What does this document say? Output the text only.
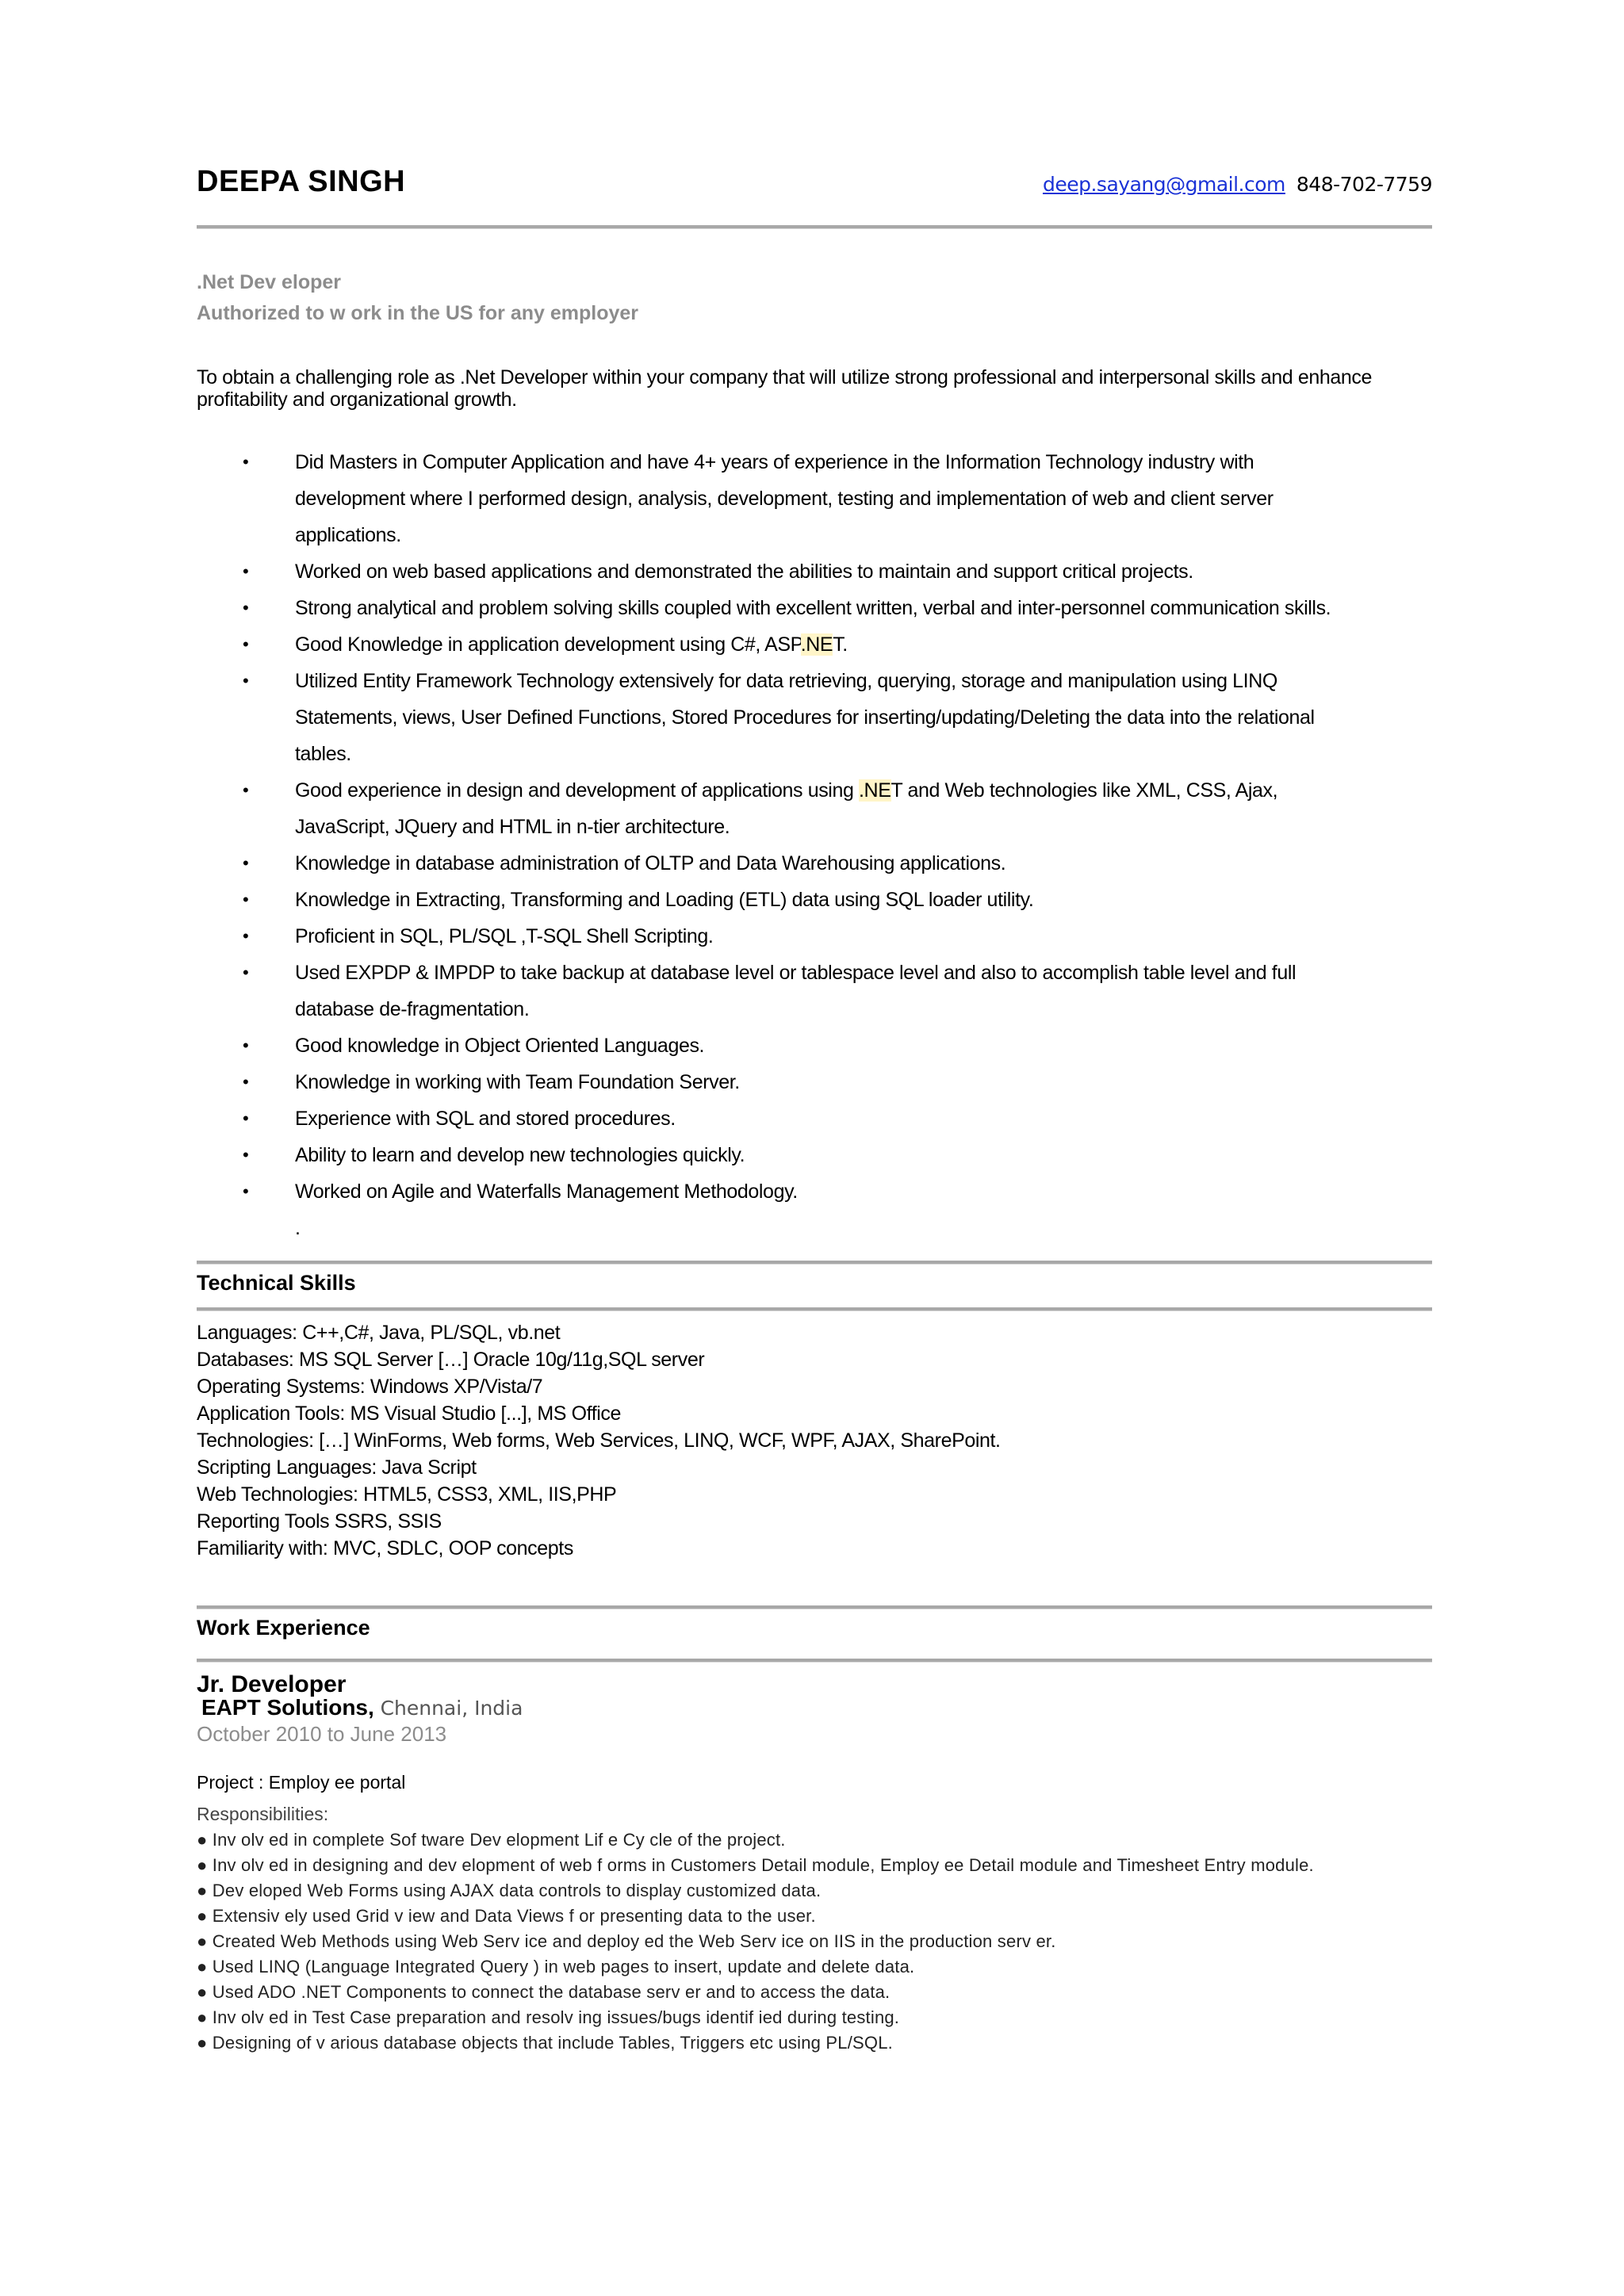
DEEPA SINGH	deep.sayang@gmail.com 848-702-7759
.Net Dev eloper
Authorized to w ork in the US for any employer
To obtain a challenging role as .Net Developer within your company that will utilize strong professional and interpersonal skills and enhance profitability and organizational growth.
• Did Masters in Computer Application and have 4+ years of experience in the Information Technology industry with
development where I performed design, analysis, development, testing and implementation of web and client server
applications.
• Worked on web based applications and demonstrated the abilities to maintain and support critical projects.
• Strong analytical and problem solving skills coupled with excellent written, verbal and inter-personnel communication skills.
• Good Knowledge in application development using C#, ASP.NET.
• Utilized Entity Framework Technology extensively for data retrieving, querying, storage and manipulation using LINQ
Statements, views, User Defined Functions, Stored Procedures for inserting/updating/Deleting the data into the relational
tables.
• Good experience in design and development of applications using .NET and Web technologies like XML, CSS, Ajax,
JavaScript, JQuery and HTML in n-tier architecture.
• Knowledge in database administration of OLTP and Data Warehousing applications.
• Knowledge in Extracting, Transforming and Loading (ETL) data using SQL loader utility.
• Proficient in SQL, PL/SQL ,T-SQL Shell Scripting.
• Used EXPDP & IMPDP to take backup at database level or tablespace level and also to accomplish table level and full
database de-fragmentation.
• Good knowledge in Object Oriented Languages.
• Knowledge in working with Team Foundation Server.
• Experience with SQL and stored procedures.
• Ability to learn and develop new technologies quickly.
• Worked on Agile and Waterfalls Management Methodology.
.
Technical Skills
Languages: C++,C#, Java, PL/SQL, vb.net
Databases: MS SQL Server […] Oracle 10g/11g,SQL server
Operating Systems: Windows XP/Vista/7
Application Tools: MS Visual Studio [...], MS Office
Technologies: […] WinForms, Web forms, Web Services, LINQ, WCF, WPF, AJAX, SharePoint.
Scripting Languages: Java Script
Web Technologies: HTML5, CSS3, XML, IIS,PHP
Reporting Tools SSRS, SSIS
Familiarity with: MVC, SDLC, OOP concepts
Work Experience
Jr. Developer
EAPT Solutions, Chennai, India
October 2010 to June 2013
Project : Employ ee portal
Responsibilities:
● Inv olv ed in complete Sof tware Dev elopment Lif e Cy cle of the project.
● Inv olv ed in designing and dev elopment of web f orms in Customers Detail module, Employ ee Detail module and Timesheet Entry module.
● Dev eloped Web Forms using AJAX data controls to display customized data.
● Extensiv ely used Grid v iew and Data Views f or presenting data to the user.
● Created Web Methods using Web Serv ice and deploy ed the Web Serv ice on IIS in the production serv er.
● Used LINQ (Language Integrated Query ) in web pages to insert, update and delete data.
● Used ADO .NET Components to connect the database serv er and to access the data.
● Inv olv ed in Test Case preparation and resolv ing issues/bugs identif ied during testing.
● Designing of v arious database objects that include Tables, Triggers etc using PL/SQL.
